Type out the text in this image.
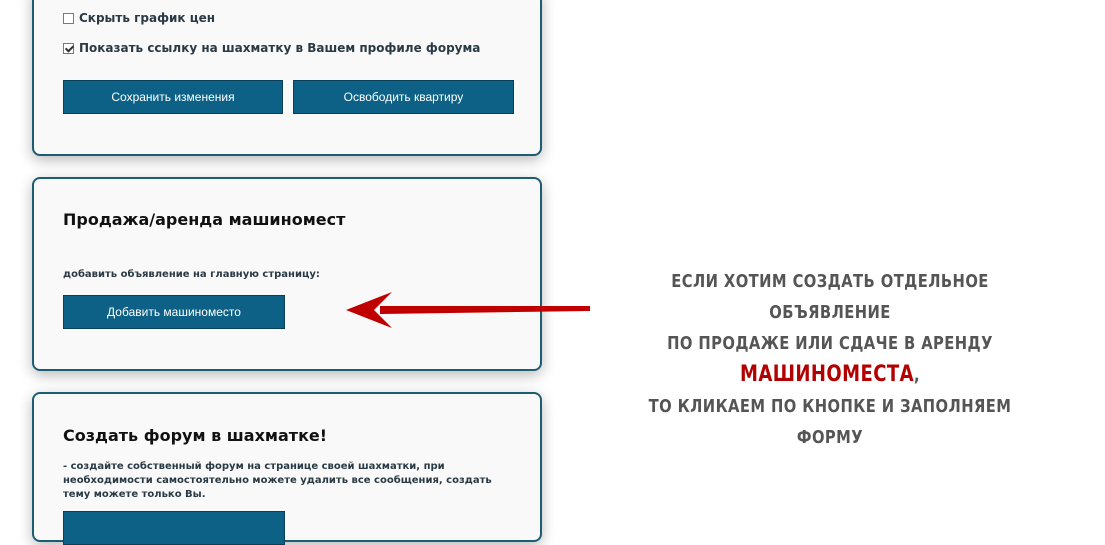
Скрыть график цен
Показать ссылку на шахматку в Вашем профиле форума
Сохранить изменения	Освободить квартиру
Продажа/аренда машиномест
добавить объявление на главную страницу:
Добавить машиноместо
Создать форум в шахматке!
- создайте собственный форум на странице своей шахматки, при необходимости самостоятельно можете удалить все сообщения, создать тему можете только Вы.
ЕСЛИ ХОТИМ СОЗДАТЬ ОТДЕЛЬНОЕ ОБЪЯВЛЕНИЕ
ПО ПРОДАЖЕ ИЛИ СДАЧЕ В АРЕНДУ МАШИНОМЕСТА,
ТО КЛИКАЕМ ПО КНОПКЕ И ЗАПОЛНЯЕМ ФОРМУ
